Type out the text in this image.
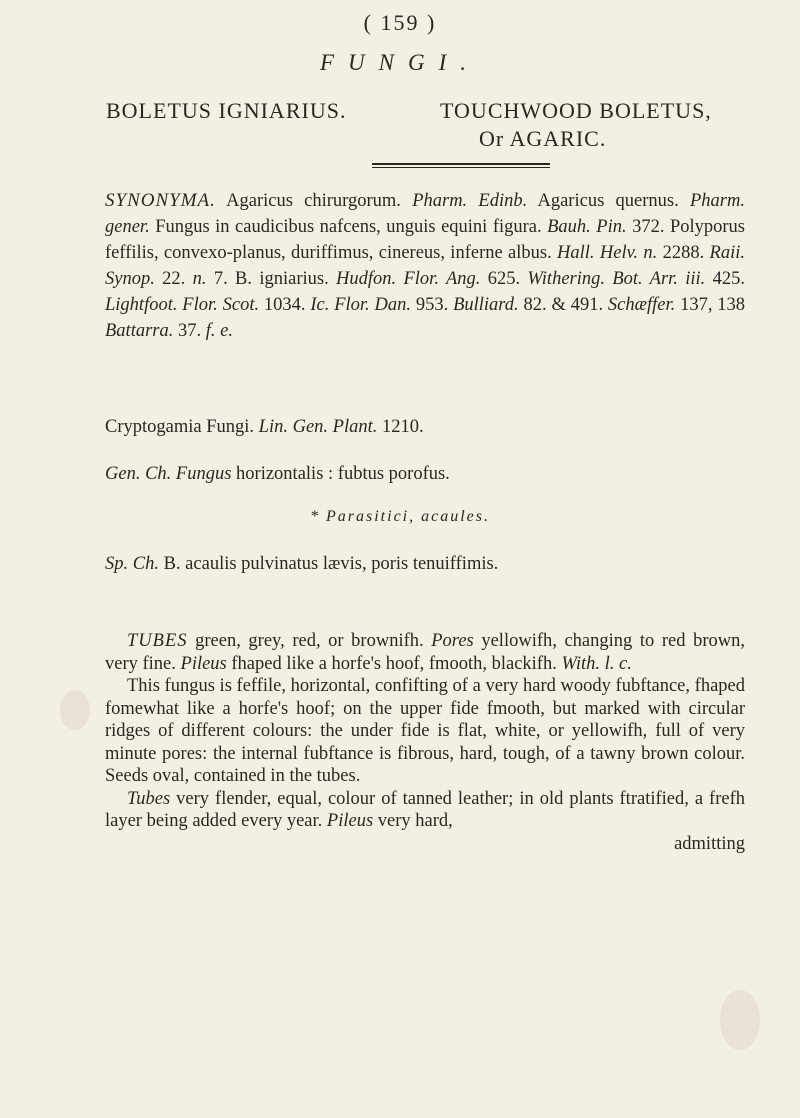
( 159 )
FUNGI.
BOLETUS IGNIARIUS.	TOUCHWOOD BOLETUS,
Or AGARIC.
SYNONYMA. Agaricus chirurgorum. Pharm. Edinb. Agaricus quernus. Pharm. gener. Fungus in caudicibus nafcens, unguis equini figura. Bauh. Pin. 372. Polyporus feffilis, convexo-planus, duriffimus, cinereus, inferne albus. Hall. Helv. n. 2288. Raii. Synop. 22. n. 7. B. igniarius. Hudfon. Flor. Ang. 625. Withering. Bot. Arr. iii. 425. Lightfoot. Flor. Scot. 1034. Ic. Flor. Dan. 953. Bulliard. 82. & 491. Schæffer. 137, 138 Battarra. 37. f. e.
Cryptogamia Fungi. Lin. Gen. Plant. 1210.
Gen. Ch. Fungus horizontalis : fubtus porofus.
* Parasitici, acaules.
Sp. Ch. B. acaulis pulvinatus lævis, poris tenuiffimis.

TUBES green, grey, red, or brownifh. Pores yellowifh, changing to red brown, very fine. Pileus fhaped like a horfe's hoof, fmooth, blackifh. With. l. c.

This fungus is feffile, horizontal, confifting of a very hard woody fubftance, fhaped fomewhat like a horfe's hoof; on the upper fide fmooth, but marked with circular ridges of different colours: the under fide is flat, white, or yellowifh, full of very minute pores: the internal fubftance is fibrous, hard, tough, of a tawny brown colour. Seeds oval, contained in the tubes.

Tubes very flender, equal, colour of tanned leather; in old plants ftratified, a frefh layer being added every year. Pileus very hard,

admitting
